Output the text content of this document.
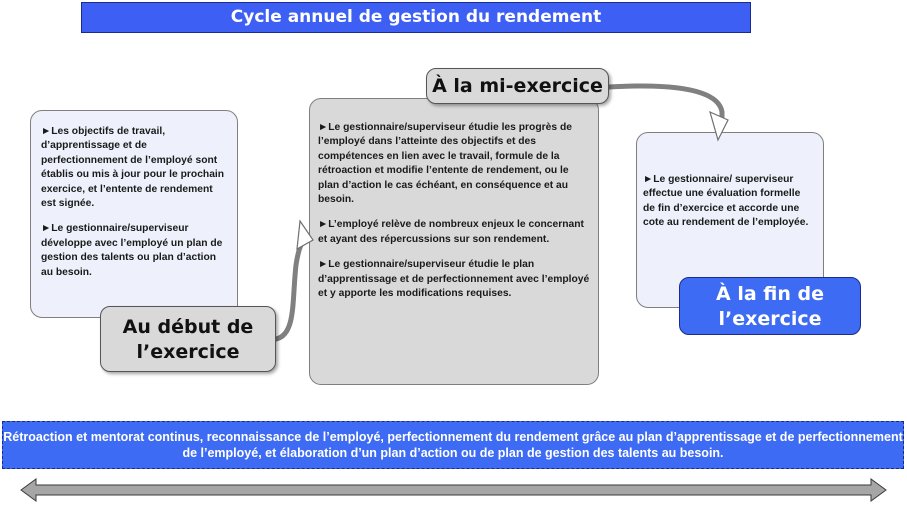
Cycle annuel de gestion du rendement

►Les objectifs de travail, d’apprentissage et de perfectionnement de l’employé sont établis ou mis à jour pour le prochain exercice, et l’entente de rendement est signée.

►Le gestionnaire/superviseur développe avec l’employé un plan de gestion des talents ou plan d’action au besoin.

►Le gestionnaire/superviseur étudie les progrès de l’employé dans l’atteinte des objectifs et des compétences en lien avec le travail, formule de la rétroaction et modifie l’entente de rendement, ou le plan d’action le cas échéant, en conséquence et au besoin.

►L’employé relève de nombreux enjeux le concernant et ayant des répercussions sur son rendement.

►Le gestionnaire/superviseur étudie le plan d’apprentissage et de perfectionnement avec l’employé et y apporte les modifications requises.

►Le gestionnaire/ superviseur effectue une évaluation formelle de fin d’exercice et accorde une cote au rendement de l’employée.

Au début de
l’exercice
À la mi-exercice
À la fin de
l’exercice
Rétroaction et mentorat continus, reconnaissance de l’employé, perfectionnement du rendement grâce au plan d’apprentissage et de perfectionnement de l’employé, et élaboration d’un plan d’action ou de plan de gestion des talents au besoin.
